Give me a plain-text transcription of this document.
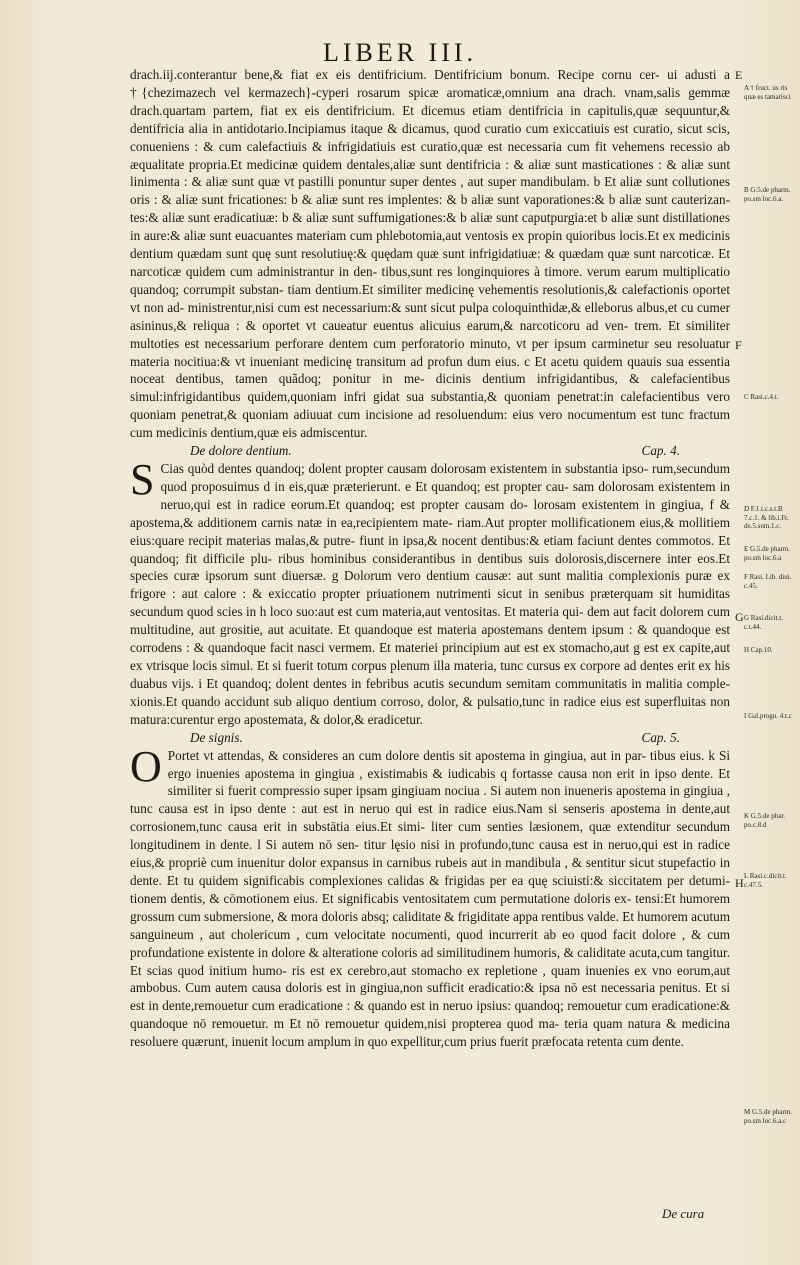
LIBER III.

drach.iij.conterantur bene,& fiat ex eis dentifricium. Dentifricium bonum. Recipe cornu cer- ui adusti a †{chezimazech vel kermazech}-cyperi rosarum spicæ aromaticæ,omnium ana drach. vnam,salis gemmæ drach.quartam partem, fiat ex eis dentifricium. Et dicemus etiam dentifricia in capitulis,quæ sequuntur,& dentifricia alia in antidotario.Incipiamus itaque & dicamus, quod curatio cum exiccatiuis est curatio, sicut scis, conueniens : & cum calefactiuis & infrigidatiuis est curatio,quæ est necessaria cum fit vehemens recessio ab æqualitate propria.Et medicinæ quidem dentales,aliæ sunt dentifricia : & aliæ sunt masticationes : & aliæ sunt linimenta : & aliæ sunt quæ vt pastilli ponuntur super dentes , aut super mandibulam. b Et aliæ sunt collutiones oris : & aliæ sunt fricationes: b & aliæ sunt res implentes: & b aliæ sunt vaporationes:& b aliæ sunt cauterizan- tes:& aliæ sunt eradicatiuæ: b & aliæ sunt suffumigationes:& b aliæ sunt caputpurgia:et b aliæ sunt distillationes in aure:& aliæ sunt euacuantes materiam cum phlebotomia,aut ventosis ex propin quioribus locis.Et ex medicinis dentium quædam sunt quę sunt resolutiuę:& quędam quæ sunt infrigidatiuæ: & quædam quæ sunt narcoticæ. Et narcoticæ quidem cum administrantur in den- tibus,sunt res longinquiores à timore. verum earum multiplicatio quandoq; corrumpit substan- tiam dentium.Et similiter medicinę vehementis resolutionis,& calefactionis oportet vt non ad- ministrentur,nisi cum est necessarium:& sunt sicut pulpa coloquinthidæ,& elleborus albus,et cu cumer asininus,& reliqua : & oportet vt caueatur euentus alicuius earum,& narcoticoru ad ven- trem. Et similiter multoties est necessarium perforare dentem cum perforatorio minuto, vt per ipsum carminetur seu resoluatur materia nocitiua:& vt inueniant medicinę transitum ad profun dum eius. c Et acetu quidem quauis sua essentia noceat dentibus, tamen quãdoq; ponitur in me- dicinis dentium infrigidantibus, & calefacientibus simul:infrigidantibus quidem,quoniam infri gidat sua substantia,& quoniam penetrat:in calefacientibus vero quoniam penetrat,& quoniam adiuuat cum incisione ad resoluendum: eius vero nocumentum est tunc fractum cum medicinis dentium,quæ eis admiscentur.

De dolore dentium.	Cap. 4.

S Cias quòd dentes quandoq; dolent propter causam dolorosam existentem in substantia ipso- rum,secundum quod proposuimus d in eis,quæ præterierunt. e Et quandoq; est propter cau- sam dolorosam existentem in neruo,qui est in radice eorum.Et quandoq; est propter causam do- lorosam existentem in gingiua, f & apostema,& additionem carnis natæ in ea,recipientem mate- riam.Aut propter mollificationem eius,& mollitiem eius:quare recipit materias malas,& putre- fiunt in ipsa,& nocent dentibus:& etiam faciunt dentes commotos. Et quandoq; fit difficile plu- ribus hominibus considerantibus in dentibus suis dolorosis,discernere inter eos.Et species curæ ipsorum sunt diuersæ. g Dolorum vero dentium causæ: aut sunt malitia complexionis puræ ex frigore : aut calore : & exiccatio propter priuationem nutrimenti sicut in senibus præterquam sit humiditas secundum quod scies in h loco suo:aut est cum materia,aut ventositas. Et materia qui- dem aut facit dolorem cum multitudine, aut grositie, aut acuitate. Et quandoque est materia apostemans dentem ipsum : & quandoque est corrodens : & quandoque facit nasci vermem. Et materiei principium aut est ex stomacho,aut g est ex capite,aut ex vtrisque locis simul. Et si fuerit totum corpus plenum illa materia, tunc cursus ex corpore ad dentes erit ex his duabus vijs. i Et quandoq; dolent dentes in febribus acutis secundum semitam communitatis in malitia comple- xionis.Et quando accidunt sub aliquo dentium corroso, dolor, & pulsatio,tunc in radice eius est superfluitas non matura:curentur ergo apostemata, & dolor,& eradicetur.

De signis.	Cap. 5.

O Portet vt attendas, & consideres an cum dolore dentis sit apostema in gingiua, aut in par- tibus eius. k Si ergo inuenies apostema in gingiua , existimabis & iudicabis q fortasse causa non erit in ipso dente. Et similiter si fuerit compressio super ipsam gingiuam nociua . Si autem non inueneris apostema in gingiua , tunc causa est in ipso dente : aut est in neruo qui est in radice eius.Nam si senseris apostema in dente,aut corrosionem,tunc causa erit in substātia eius.Et simi- liter cum senties læsionem, quæ extenditur secundum longitudinem in dente. l Si autem nō sen- titur lęsio nisi in profundo,tunc causa est in neruo,qui est in radice eius,& propriè cum inuenitur dolor expansus in carnibus rubeis aut in mandibula , & sentitur sicut stupefactio in dente. Et tu quidem significabis complexiones calidas & frigidas per ea quę sciuisti:& siccitatem per detumi- tionem dentis, & cōmotionem eius. Et significabis ventositatem cum permutatione doloris ex- tensi:Et humorem grossum cum submersione, & mora doloris absq; caliditate & frigiditate appa rentibus valde. Et humorem acutum sanguineum , aut cholericum , cum velocitate nocumenti, quod incurrerit ab eo quod facit dolore , & cum profundatione existente in dolore & alteratione coloris ad similitudinem humoris, & caliditate acuta,cum tangitur. Et scias quod initium humo- ris est ex cerebro,aut stomacho ex repletione , quam inuenies ex vno eorum,aut ambobus. Cum autem causa doloris est in gingiua,non sufficit eradicatio:& ipsa nō est necessaria penitus. Et si est in dente,remouetur cum eradicatione : & quando est in neruo ipsius: quandoq; remouetur cum eradicatione:& quandoque nō remouetur. m Et nō remouetur quidem,nisi propterea quod ma- teria quam natura & medicina resoluere quærunt, inuenit locum amplum in quo expellitur,cum prius fuerit præfocata retenta cum dente.

E
F
G
H
A † fruct. us ris quæ es tamarisci
B G.5.de pharm. po.sm loc.6.a.
C Rasi.c.4.t.
D F.1.t.c.s.t.B 7.c.1. & lib.i.Fr. de.5.sum.1.c.
E G.5.de pharm. po.sm loc.6.a
F Rasi. Lib. diui. c.45.
G Rasi.dicit.t. c.t.44.
H Cap.10.
I Gal.progn. 4.t.c
K G.5.de phar. po.c.8.d
L Rasi.c.dicit.t. c.47.5.
M G.5.de pharm. po.sm loc.6.a.c
De cura
